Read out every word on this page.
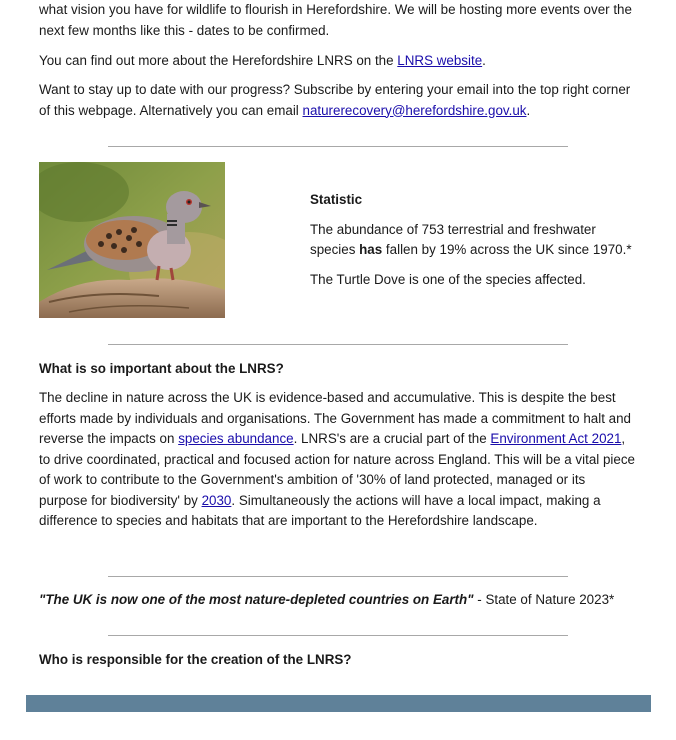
what vision you have for wildlife to flourish in Herefordshire. We will be hosting more events over the next few months like this - dates to be confirmed.

You can find out more about the Herefordshire LNRS on the LNRS website.

Want to stay up to date with our progress? Subscribe by entering your email into the top right corner of this webpage. Alternatively you can email naturerecovery@herefordshire.gov.uk.

Statistic

The abundance of 753 terrestrial and freshwater species has fallen by 19% across the UK since 1970.*

The Turtle Dove is one of the species affected.

What is so important about the LNRS?

The decline in nature across the UK is evidence-based and accumulative. This is despite the best efforts made by individuals and organisations. The Government has made a commitment to halt and reverse the impacts on species abundance. LNRS's are a crucial part of the Environment Act 2021, to drive coordinated, practical and focused action for nature across England. This will be a vital piece of work to contribute to the Government's ambition of '30% of land protected, managed or its purpose for biodiversity' by 2030. Simultaneously the actions will have a local impact, making a difference to species and habitats that are important to the Herefordshire landscape.

"The UK is now one of the most nature-depleted countries on Earth" - State of Nature 2023*

Who is responsible for the creation of the LNRS?
